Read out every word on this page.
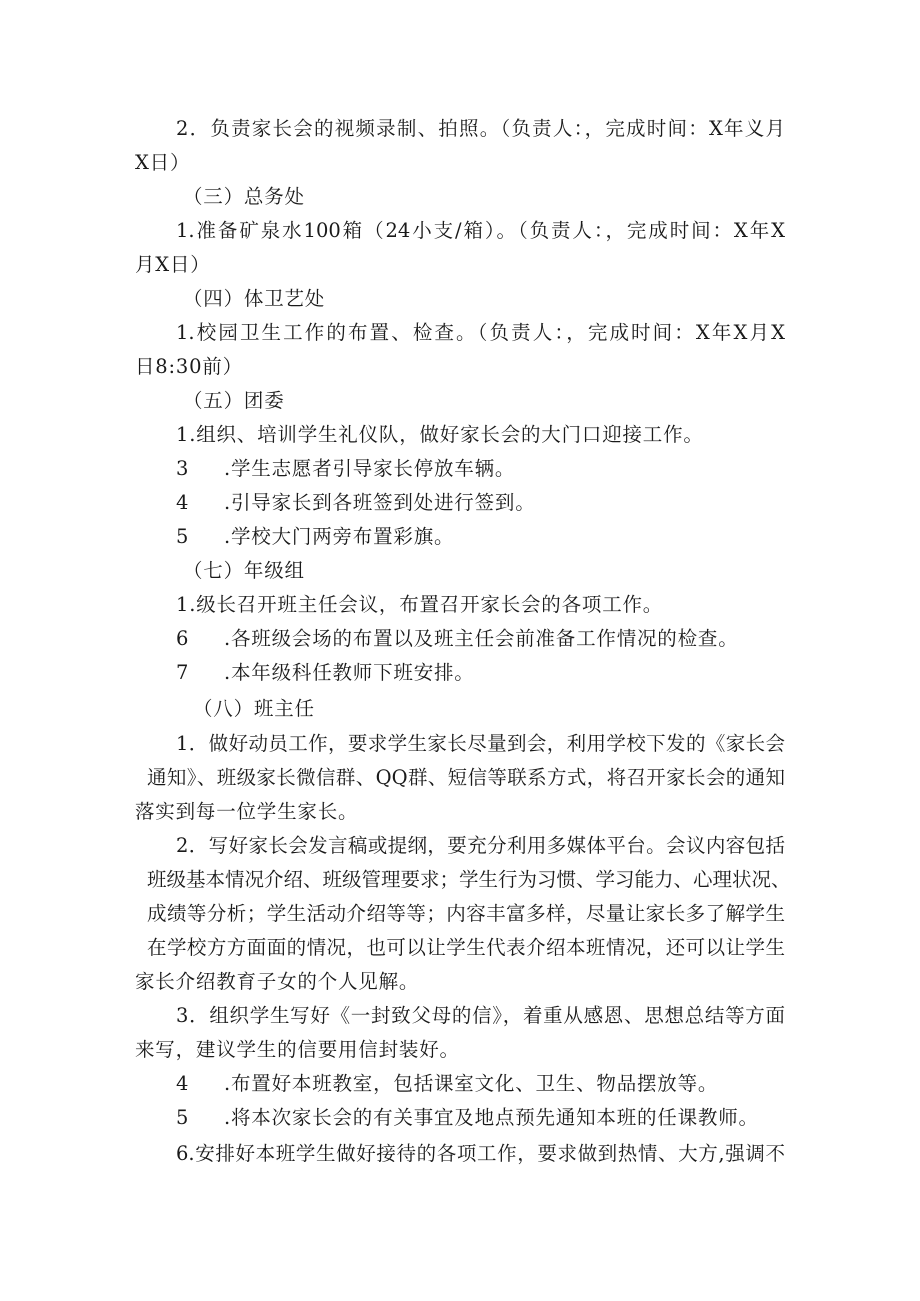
2．负责家长会的视频录制、拍照。（负责人：，完成时间：X年义月
X日）
（三）总务处
1.准备矿泉水100箱（24小支/箱）。（负责人：，完成时间：X年X
月X日）
（四）体卫艺处
1.校园卫生工作的布置、检查。（负责人：，完成时间：X年X月X
日8:30前）
（五）团委
1.组织、培训学生礼仪队，做好家长会的大门口迎接工作。
3 .学生志愿者引导家长停放车辆。
4 .引导家长到各班签到处进行签到。
5 .学校大门两旁布置彩旗。
（七）年级组
1.级长召开班主任会议，布置召开家长会的各项工作。
6 .各班级会场的布置以及班主任会前准备工作情况的检查。
7 .本年级科任教师下班安排。
（八）班主任
1．做好动员工作，要求学生家长尽量到会，利用学校下发的《家长会
通知》、班级家长微信群、QQ群、短信等联系方式，将召开家长会的通知
落实到每一位学生家长。
2．写好家长会发言稿或提纲，要充分利用多媒体平台。会议内容包括
班级基本情况介绍、班级管理要求；学生行为习惯、学习能力、心理状况、
成绩等分析；学生活动介绍等等；内容丰富多样，尽量让家长多了解学生
在学校方方面面的情况，也可以让学生代表介绍本班情况，还可以让学生
家长介绍教育子女的个人见解。
3．组织学生写好《一封致父母的信》，着重从感恩、思想总结等方面
来写，建议学生的信要用信封装好。
4 .布置好本班教室，包括课室文化、卫生、物品摆放等。
5 .将本次家长会的有关事宜及地点预先通知本班的任课教师。
6.安排好本班学生做好接待的各项工作，要求做到热情、大方,强调不
